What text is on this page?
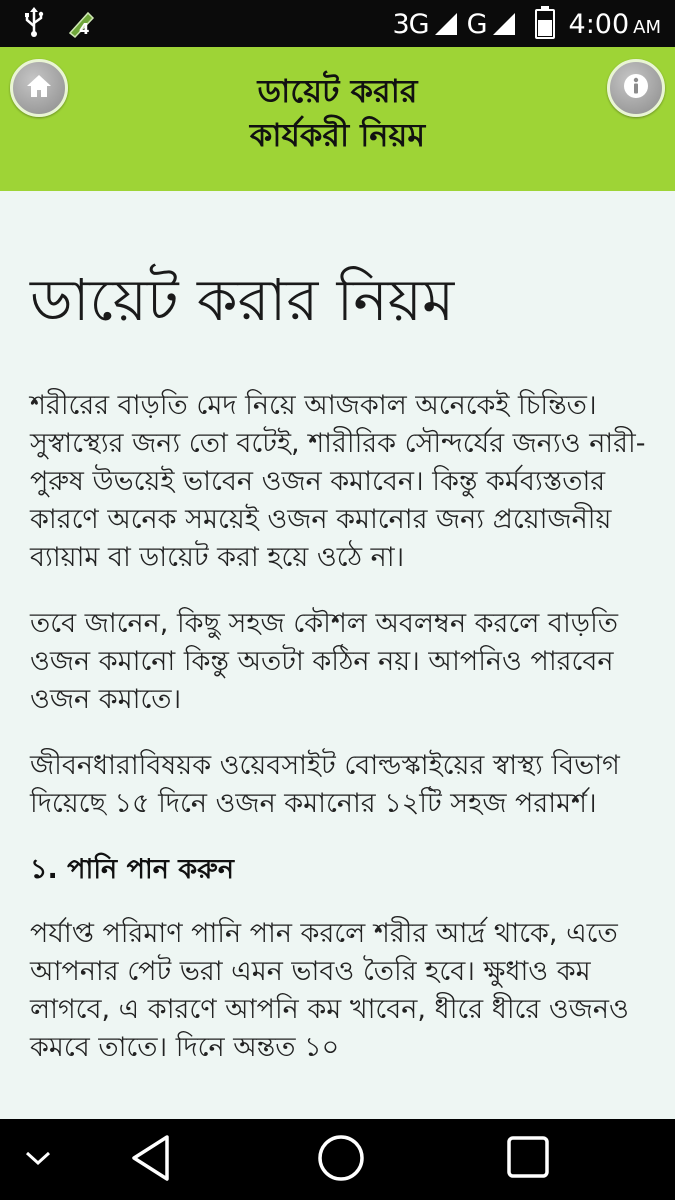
4	3G G	4:00 AM
ডায়েট করার
কার্যকরী নিয়ম
ডায়েট করার নিয়ম

শরীরের বাড়তি মেদ নিয়ে আজকাল অনেকেই চিন্তিত। সুস্বাস্থ্যের জন্য তো বটেই, শারীরিক সৌন্দর্যের জন্যও নারী-পুরুষ উভয়েই ভাবেন ওজন কমাবেন। কিন্তু কর্মব্যস্ততার কারণে অনেক সময়েই ওজন কমানোর জন্য প্রয়োজনীয় ব্যায়াম বা ডায়েট করা হয়ে ওঠে না।

তবে জানেন, কিছু সহজ কৌশল অবলম্বন করলে বাড়তি ওজন কমানো কিন্তু অতটা কঠিন নয়। আপনিও পারবেন ওজন কমাতে।

জীবনধারাবিষয়ক ওয়েবসাইট বোল্ডস্কাইয়ের স্বাস্থ্য বিভাগ দিয়েছে ১৫ দিনে ওজন কমানোর ১২টি সহজ পরামর্শ।

১. পানি পান করুন

পর্যাপ্ত পরিমাণ পানি পান করলে শরীর আর্দ্র থাকে, এতে আপনার পেট ভরা এমন ভাবও তৈরি হবে। ক্ষুধাও কম লাগবে, এ কারণে আপনি কম খাবেন, ধীরে ধীরে ওজনও কমবে তাতে। দিনে অন্তত ১০
